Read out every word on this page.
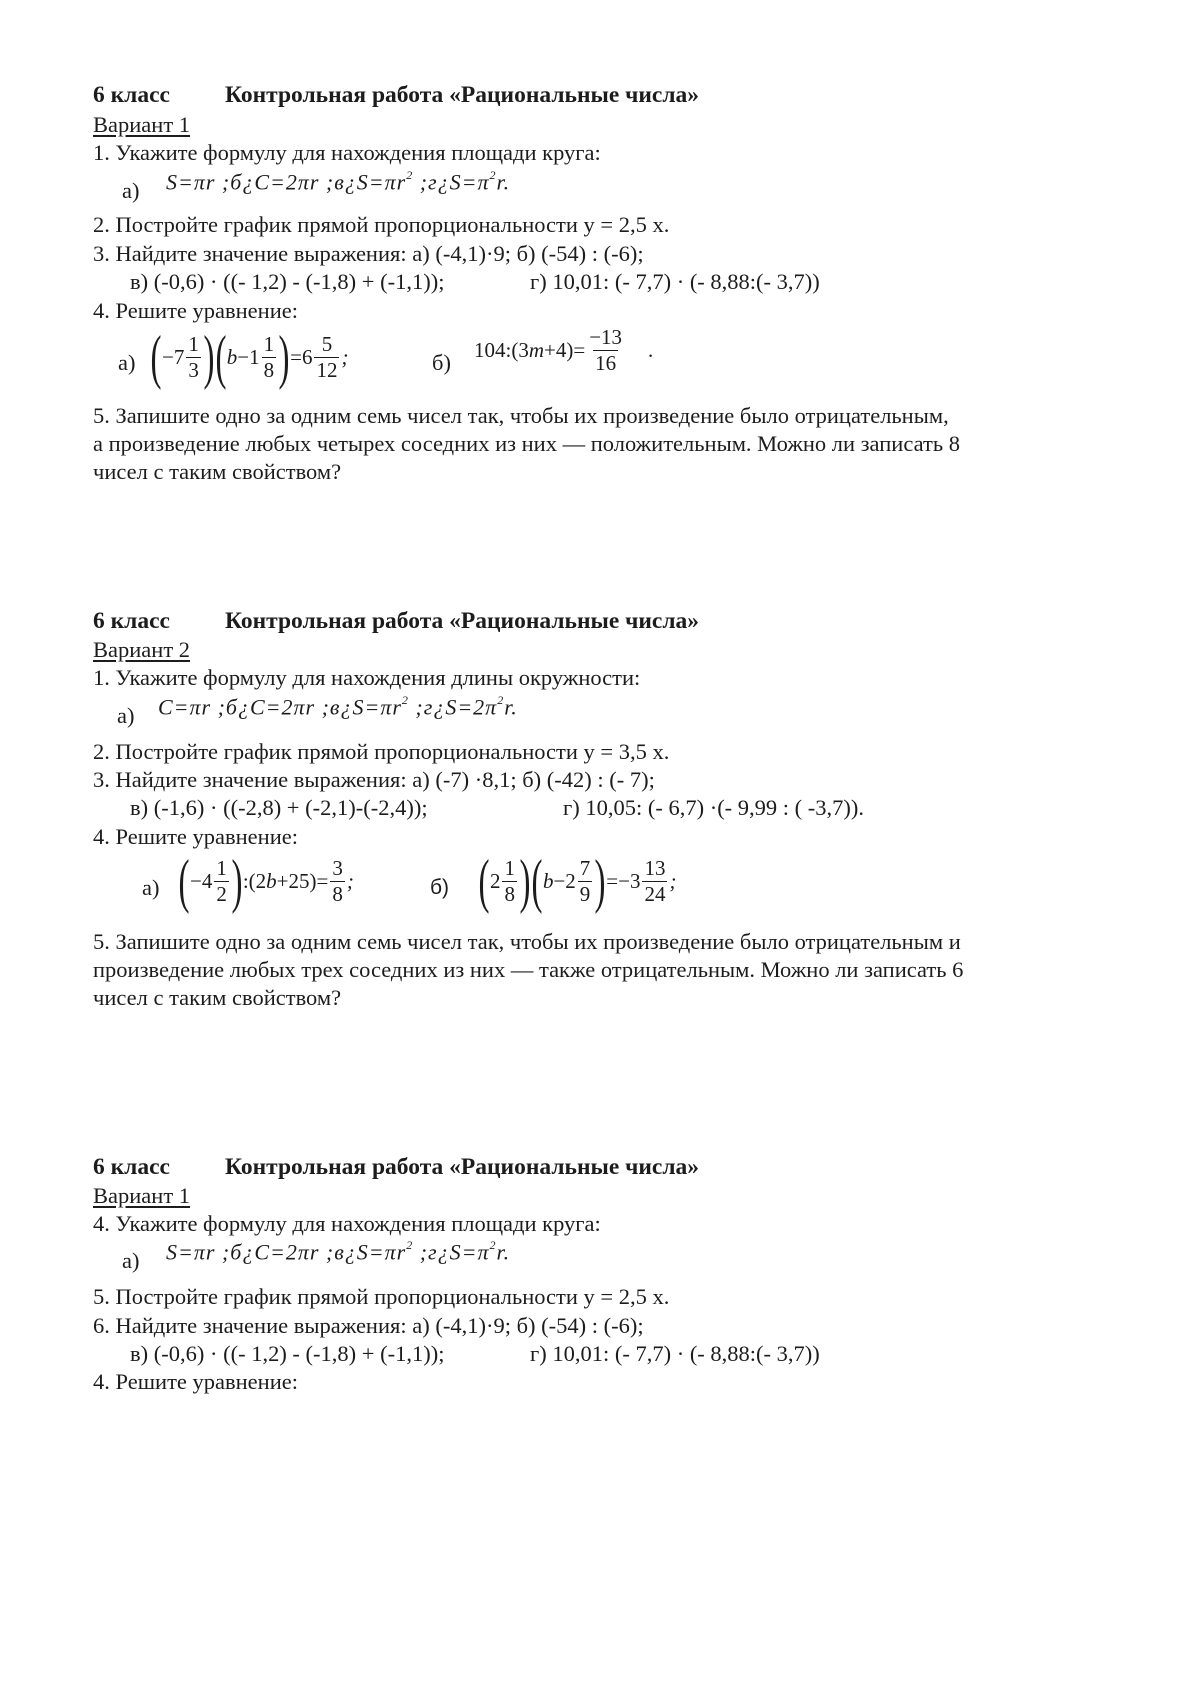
6 класс Контрольная работа «Рациональные числа»
Вариант 1
1. Укажите формулу для нахождения площади круга:
а) S=πr ;б¿C=2πr $;в¿S=\pi r^2$ $;г¿S=\pi^2r$.
2. Постройте график прямой пропорциональности у = 2,5 х.
3. Найдите значение выражения: а) (-4,1)·9; б) (-54) : (-6);
в) (-0,6) · ((- 1,2) - (-1,8) + (-1,1));	г) 10,01: (- 7,7) · (- 8,88:(- 3,7))
4. Решите уравнение:
а) ( −7
1
3 ) ( b −1
1
8 ) =6
5
12
;	б) 104:(3 $m +4)= \frac{-13}{16}$ .
5. Запишите одно за одним семь чисел так, чтобы их произведение было отрицательным,
а произведение любых четырех соседних из них — положительным. Можно ли записать 8
чисел с таким свойством?
6 класс Контрольная работа «Рациональные числа»
Вариант 2
1. Укажите формулу для нахождения длины окружности:
а) C=πr ;б¿C=2πr $;в¿S=\pi r^2$ $;г¿S=2\pi^2r$.
2. Постройте график прямой пропорциональности у = 3,5 х.
3. Найдите значение выражения: а) (-7) ·8,1; б) (-42) : (- 7);
в) (-1,6) · ((-2,8) + (-2,1)-(-2,4));	г) 10,05: (- 6,7) ·(- 9,99 : ( -3,7)).
4. Решите уравнение:
а) ( −4
1
2 ) :(2 $b +25)= \frac{3}{8}$ ;	б) ( 2
1
8 ) ( b −2
7
9 ) =−3
13
24
;
5. Запишите одно за одним семь чисел так, чтобы их произведение было отрицательным и
произведение любых трех соседних из них — также отрицательным. Можно ли записать 6
чисел с таким свойством?
6 класс Контрольная работа «Рациональные числа»
Вариант 1
4. Укажите формулу для нахождения площади круга:
а) S=πr ;б¿C=2πr $;в¿S=\pi r^2$ $;г¿S=\pi^2r$.
5. Постройте график прямой пропорциональности у = 2,5 х.
6. Найдите значение выражения: а) (-4,1)·9; б) (-54) : (-6);
в) (-0,6) · ((- 1,2) - (-1,8) + (-1,1));	г) 10,01: (- 7,7) · (- 8,88:(- 3,7))
4. Решите уравнение:
